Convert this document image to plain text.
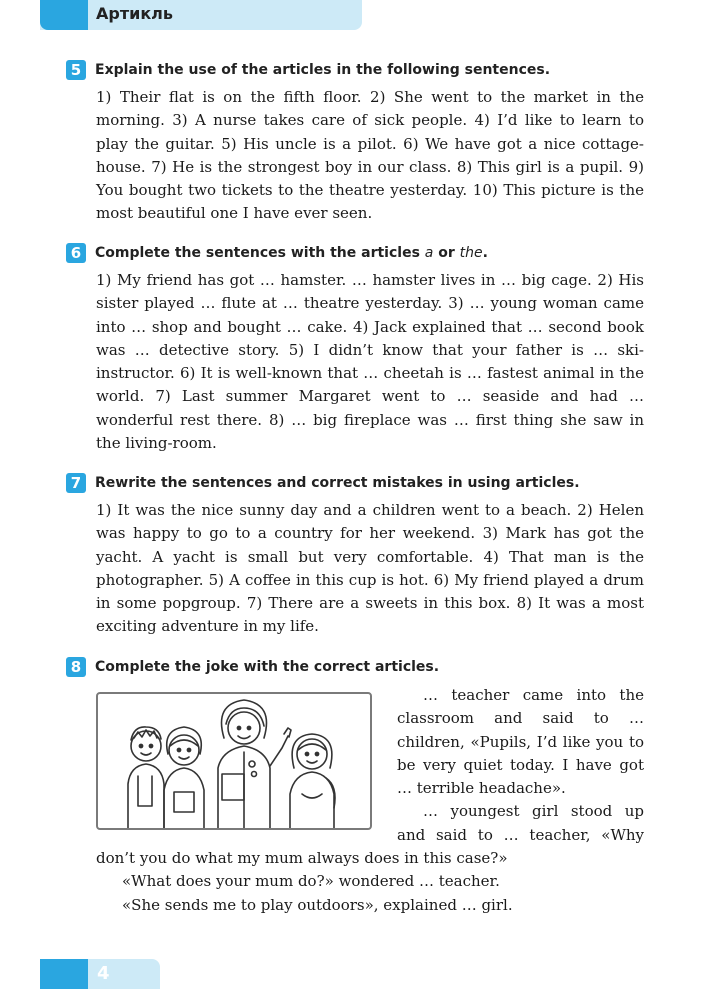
Артикль
5 Explain the use of the articles in the following sentences.
1) Their flat is on the fifth floor. 2) She went to the market in the morning. 3) A nurse takes care of sick people. 4) I’d like to learn to play the guitar. 5) His uncle is a pilot. 6) We have got a nice cottage-house. 7) He is the strongest boy in our class. 8) This girl is a pupil. 9) You bought two tickets to the theatre yesterday. 10) This picture is the most beautiful one I have ever seen.
6 Complete the sentences with the articles a or the.
1) My friend has got … hamster. … hamster lives in … big cage. 2) His sister played … flute at … theatre yesterday. 3) … young woman came into … shop and bought … cake. 4) Jack explained that … second book was … detective story. 5) I didn’t know that your father is … ski-instructor. 6) It is well-known that … cheetah is … fastest animal in the world. 7) Last summer Margaret went to … seaside and had … wonderful rest there. 8) … big fireplace was … first thing she saw in the living-room.
7 Rewrite the sentences and correct mistakes in using articles.
1) It was the nice sunny day and a children went to a beach. 2) Helen was happy to go to a country for her weekend. 3) Mark has got the yacht. A yacht is small but very comfortable. 4) That man is the photographer. 5) A coffee in this cup is hot. 6) My friend played a drum in some popgroup. 7) There are a sweets in this box. 8) It was a most exciting adventure in my life.
8 Complete the joke with the correct articles.

… teacher came into the classroom and said to … children, «Pupils, I’d like you to be very quiet today. I have got … terrible headache».

… youngest girl stood up and said to … teacher, «Why don’t you do what my mum always does in this case?»

«What does your mum do?» wondered … teacher.

«She sends me to play outdoors», explained … girl.

4
